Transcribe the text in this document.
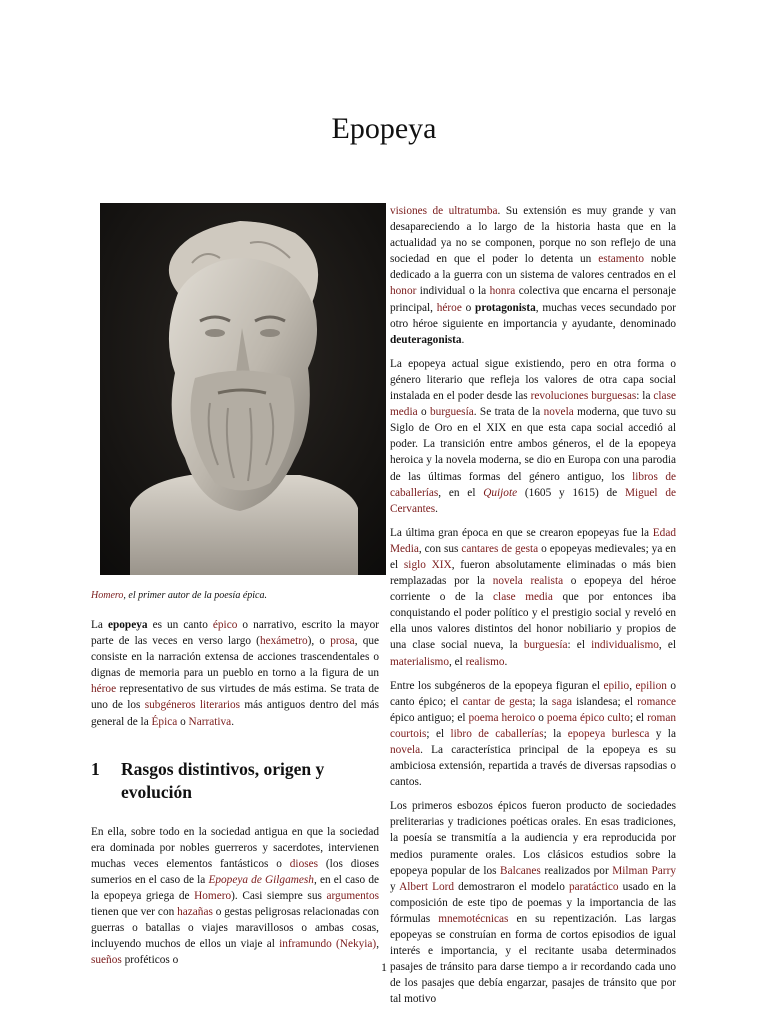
Epopeya

Homero, el primer autor de la poesía épica.

La epopeya es un canto épico o narrativo, escrito la mayor parte de las veces en verso largo (hexámetro), o prosa, que consiste en la narración extensa de acciones trascendentales o dignas de memoria para un pueblo en torno a la figura de un héroe representativo de sus virtudes de más estima. Se trata de uno de los subgéneros literarios más antiguos dentro del más general de la Épica o Narrativa.

1	Rasgos distintivos, origen y evolución

En ella, sobre todo en la sociedad antigua en que la sociedad era dominada por nobles guerreros y sacerdotes, intervienen muchas veces elementos fantásticos o dioses (los dioses sumerios en el caso de la Epopeya de Gilgamesh, en el caso de la epopeya griega de Homero). Casi siempre sus argumentos tienen que ver con hazañas o gestas peligrosas relacionadas con guerras o batallas o viajes maravillosos o ambas cosas, incluyendo muchos de ellos un viaje al inframundo (Nekyia), sueños proféticos o

visiones de ultratumba. Su extensión es muy grande y van desapareciendo a lo largo de la historia hasta que en la actualidad ya no se componen, porque no son reflejo de una sociedad en que el poder lo detenta un estamento noble dedicado a la guerra con un sistema de valores centrados en el honor individual o la honra colectiva que encarna el personaje principal, héroe o protagonista, muchas veces secundado por otro héroe siguiente en importancia y ayudante, denominado deuteragonista.

La epopeya actual sigue existiendo, pero en otra forma o género literario que refleja los valores de otra capa social instalada en el poder desde las revoluciones burguesas: la clase media o burguesía. Se trata de la novela moderna, que tuvo su Siglo de Oro en el XIX en que esta capa social accedió al poder. La transición entre ambos géneros, el de la epopeya heroica y la novela moderna, se dio en Europa con una parodia de las últimas formas del género antiguo, los libros de caballerías, en el Quijote (1605 y 1615) de Miguel de Cervantes.

La última gran época en que se crearon epopeyas fue la Edad Media, con sus cantares de gesta o epopeyas medievales; ya en el siglo XIX, fueron absolutamente eliminadas o más bien remplazadas por la novela realista o epopeya del héroe corriente o de la clase media que por entonces iba conquistando el poder político y el prestigio social y reveló en ella unos valores distintos del honor nobiliario y propios de una clase social nueva, la burguesía: el individualismo, el materialismo, el realismo.

Entre los subgéneros de la epopeya figuran el epilio, epilion o canto épico; el cantar de gesta; la saga islandesa; el romance épico antiguo; el poema heroico o poema épico culto; el roman courtois; el libro de caballerías; la epopeya burlesca y la novela. La característica principal de la epopeya es su ambiciosa extensión, repartida a través de diversas rapsodias o cantos.

Los primeros esbozos épicos fueron producto de sociedades preliterarias y tradiciones poéticas orales. En esas tradiciones, la poesía se transmitía a la audiencia y era reproducida por medios puramente orales. Los clásicos estudios sobre la epopeya popular de los Balcanes realizados por Milman Parry y Albert Lord demostraron el modelo paratáctico usado en la composición de este tipo de poemas y la importancia de las fórmulas mnemotécnicas en su repentización. Las largas epopeyas se construían en forma de cortos episodios de igual interés e importancia, y el recitante usaba determinados pasajes de tránsito para darse tiempo a ir recordando cada uno de los pasajes que debía engarzar, pasajes de tránsito que por tal motivo

1
